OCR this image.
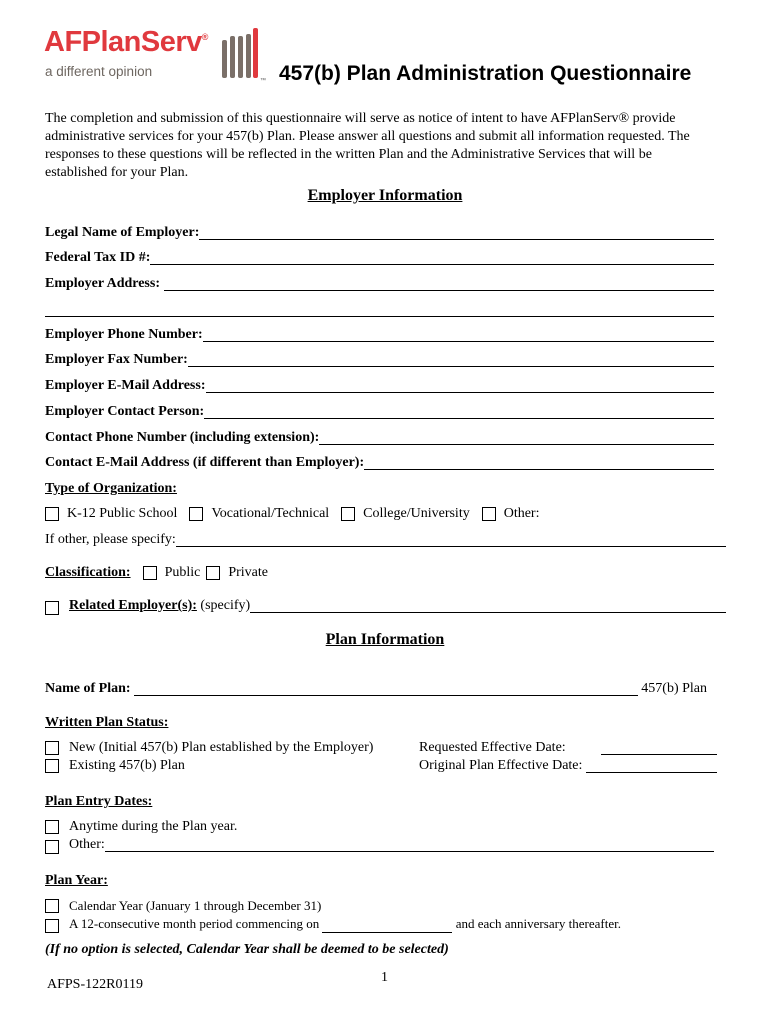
AFPlanServ®
a different opinion
™ 457(b) Plan Administration Questionnaire
The completion and submission of this questionnaire will serve as notice of intent to have AFPlanServ® provide administrative services for your 457(b) Plan. Please answer all questions and submit all information requested. The responses to these questions will be reflected in the written Plan and the Administrative Services that will be established for your Plan.
Employer Information
Legal Name of Employer:
Federal Tax ID #:
Employer Address:
Employer Phone Number:
Employer Fax Number:
Employer E-Mail Address:
Employer Contact Person:
Contact Phone Number (including extension):
Contact E-Mail Address (if different than Employer):
Type of Organization:
K-12 Public School Vocational/Technical College/University Other:
If other, please specify:
Classification: Public Private
Related Employer(s): (specify)
Plan Information
Name of Plan:	457(b) Plan
Written Plan Status:
New (Initial 457(b) Plan established by the Employer)	Requested Effective Date:
Existing 457(b) Plan	Original Plan Effective Date:
Plan Entry Dates:
Anytime during the Plan year.
Other:
Plan Year:
Calendar Year (January 1 through December 31)
A 12-consecutive month period commencing on	and each anniversary thereafter.
(If no option is selected, Calendar Year shall be deemed to be selected)
AFPS-122R0119	1
